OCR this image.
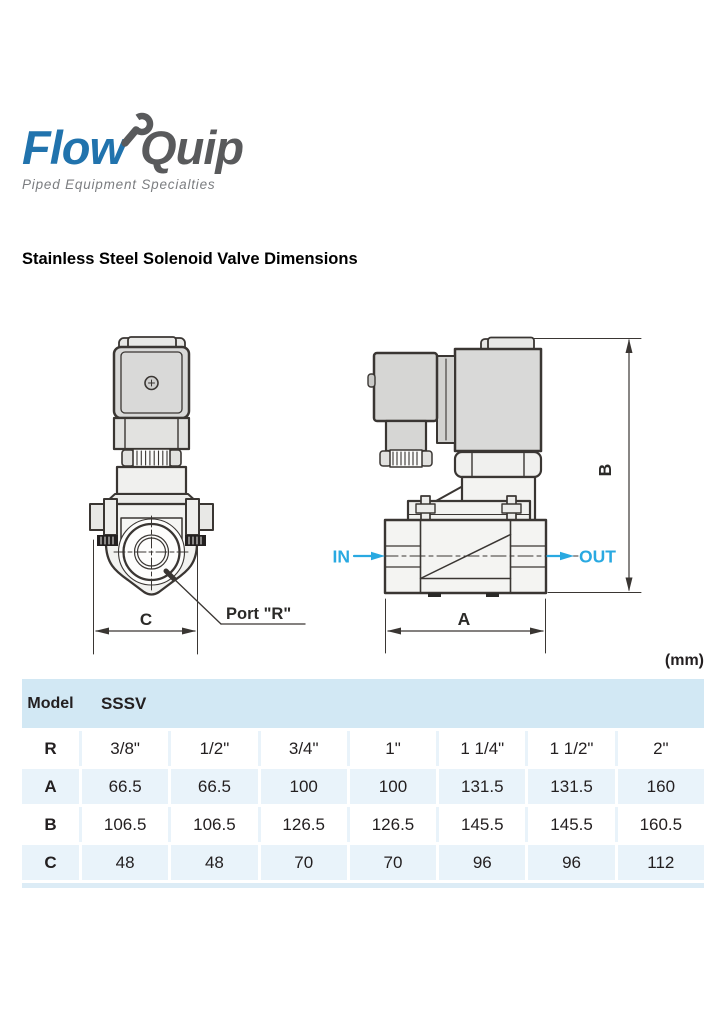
Flow Quip
Piped Equipment Specialties
Stainless Steel Solenoid Valve Dimensions
C	Port "R"
IN	OUT
A
B
(mm)
Model	SSSV
R	3/8"	1/2"	3/4"	1"	1 1/4"	1 1/2"	2"
A	66.5	66.5	100	100	131.5	131.5	160
B	106.5	106.5	126.5	126.5	145.5	145.5	160.5
C	48	48	70	70	96	96	112
